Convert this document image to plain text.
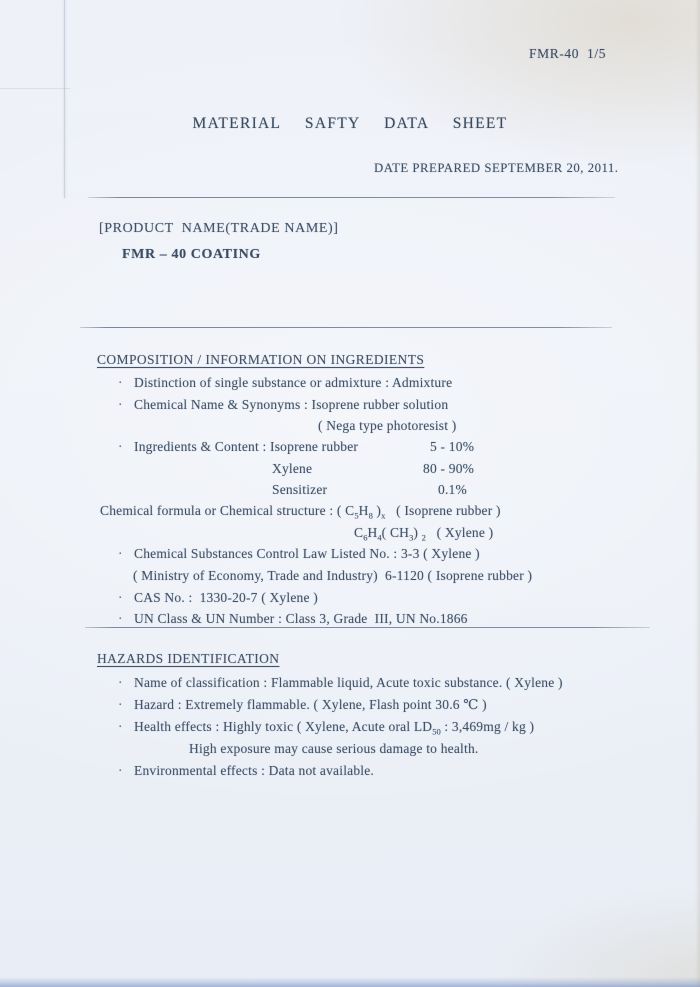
FMR-40  1/5
MATERIAL SAFTY DATA SHEET
DATE PREPARED SEPTEMBER 20, 2011.
[PRODUCT  NAME(TRADE NAME)]
FMR – 40 COATING
COMPOSITION / INFORMATION ON INGREDIENTS
· Distinction of single substance or admixture : Admixture
· Chemical Name & Synonyms : Isoprene rubber solution
( Nega type photoresist )
· Ingredients & Content : Isoprene rubber	5 - 10%
Xylene	80 - 90%
Sensitizer	0.1%
Chemical formula or Chemical structure : ( $C_5H_8$ )$_x$   ( Isoprene rubber )
$C_6H_4$( $CH_3$) $_2$   ( Xylene )
· Chemical Substances Control Law Listed No. : 3-3 ( Xylene )
( Ministry of Economy, Trade and Industry)  6-1120 ( Isoprene rubber )
· CAS No. :  1330-20-7 ( Xylene )
· UN Class & UN Number : Class 3, Grade  III, UN No.1866
HAZARDS IDENTIFICATION
· Name of classification : Flammable liquid, Acute toxic substance. ( Xylene )
· Hazard : Extremely flammable. ( Xylene, Flash point 30.6 ℃ )
· Health effects : Highly toxic ( Xylene, Acute oral $LD_{50}$ : 3,469mg / kg )
High exposure may cause serious damage to health.
· Environmental effects : Data not available.
